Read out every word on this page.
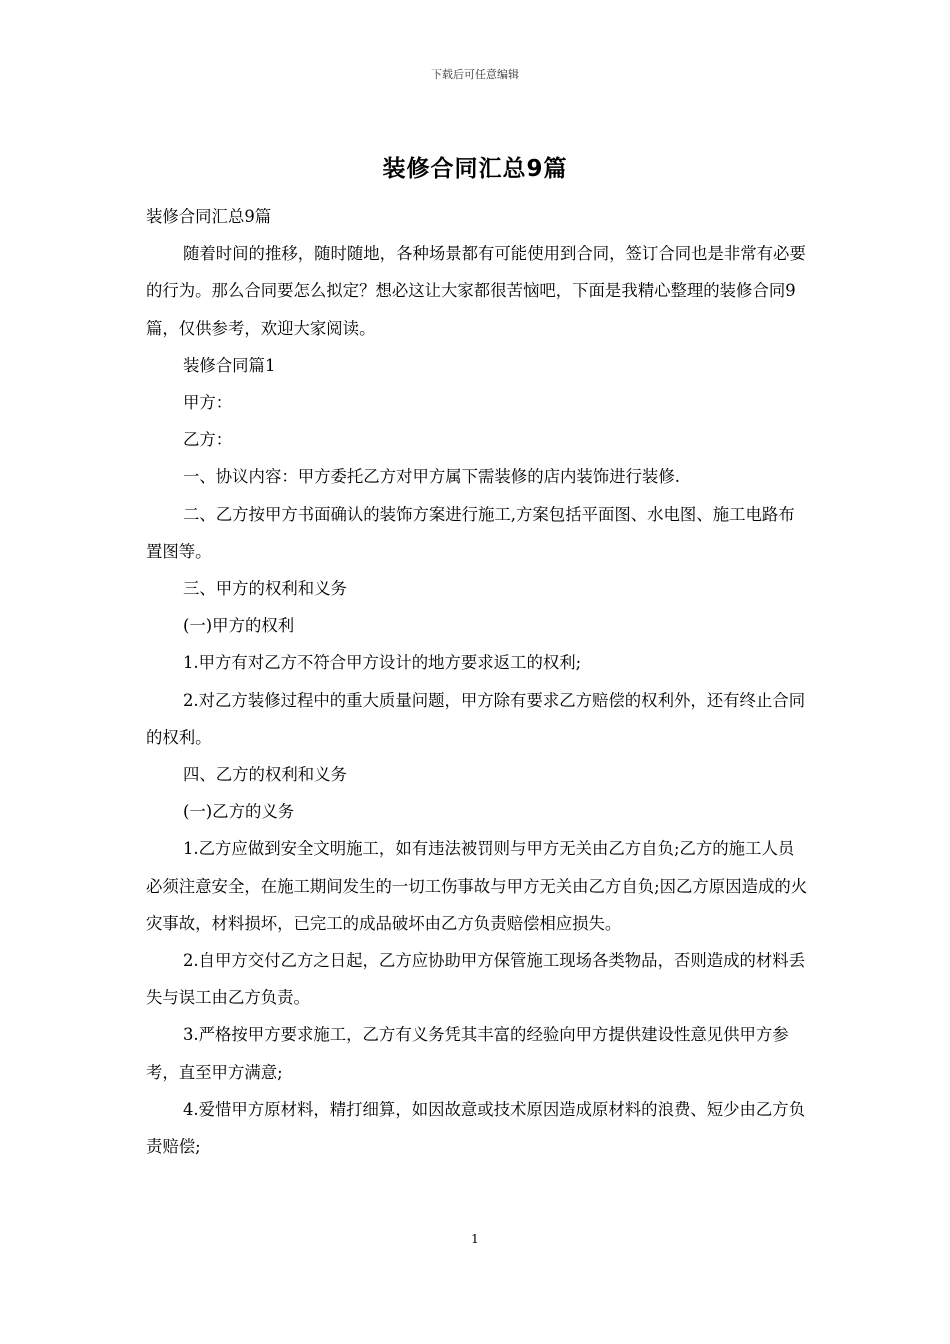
下载后可任意编辑
装修合同汇总9篇

装修合同汇总9篇

随着时间的推移，随时随地，各种场景都有可能使用到合同，签订合同也是非常有必要的行为。那么合同要怎么拟定？想必这让大家都很苦恼吧，下面是我精心整理的装修合同9篇，仅供参考，欢迎大家阅读。

装修合同篇1

甲方：

乙方：

一、协议内容：甲方委托乙方对甲方属下需装修的店内装饰进行装修.

二、乙方按甲方书面确认的装饰方案进行施工,方案包括平面图、水电图、施工电路布置图等。

三、甲方的权利和义务

(一)甲方的权利

1.甲方有对乙方不符合甲方设计的地方要求返工的权利;

2.对乙方装修过程中的重大质量问题，甲方除有要求乙方赔偿的权利外，还有终止合同的权利。

四、乙方的权利和义务

(一)乙方的义务

1.乙方应做到安全文明施工，如有违法被罚则与甲方无关由乙方自负;乙方的施工人员必须注意安全，在施工期间发生的一切工伤事故与甲方无关由乙方自负;因乙方原因造成的火灾事故，材料损坏，已完工的成品破坏由乙方负责赔偿相应损失。

2.自甲方交付乙方之日起，乙方应协助甲方保管施工现场各类物品，否则造成的材料丢失与误工由乙方负责。

3.严格按甲方要求施工，乙方有义务凭其丰富的经验向甲方提供建设性意见供甲方参考，直至甲方满意;

4.爱惜甲方原材料，精打细算，如因故意或技术原因造成原材料的浪费、短少由乙方负责赔偿;

1
